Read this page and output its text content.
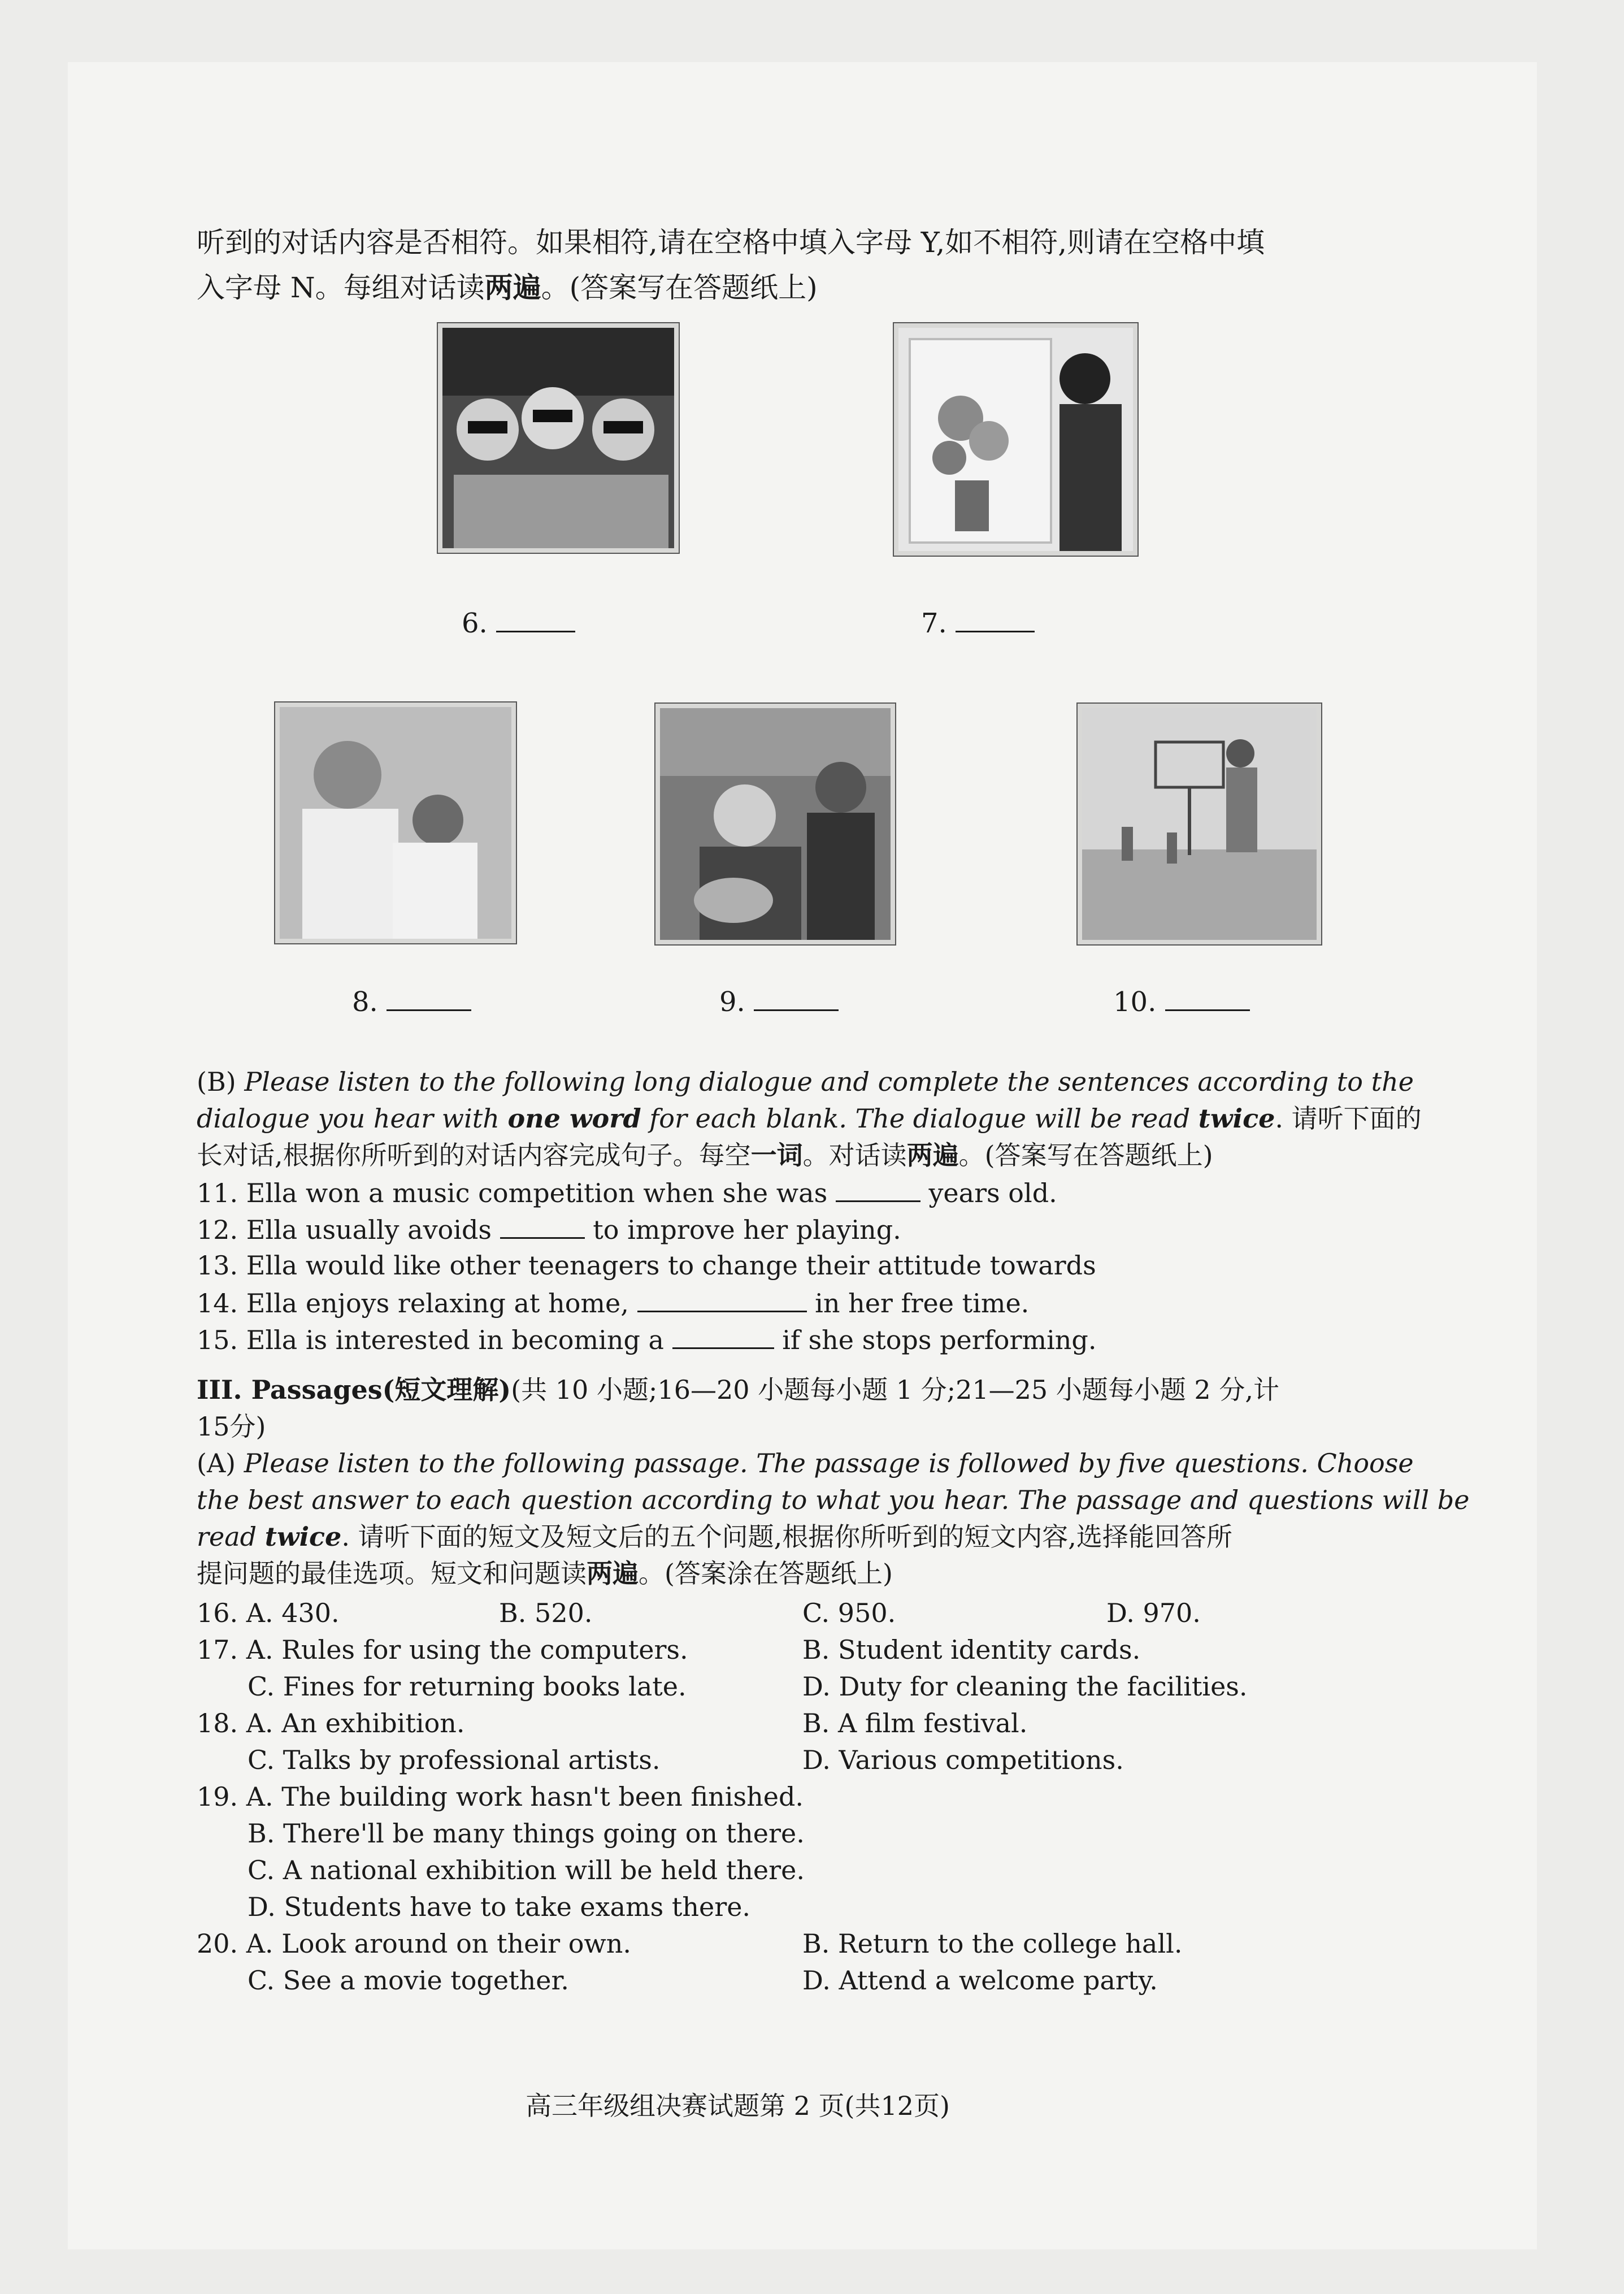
听到的对话内容是否相符。如果相符,请在空格中填入字母 Y,如不相符,则请在空格中填
入字母 N。每组对话读两遍。(答案写在答题纸上)
6.	7.
8.	9.	10.
(B) Please listen to the following long dialogue and complete the sentences according to the
dialogue you hear with one word for each blank. The dialogue will be read twice. 请听下面的
长对话,根据你所听到的对话内容完成句子。每空一词。对话读两遍。(答案写在答题纸上)
11. Ella won a music competition when she was	years old.
12. Ella usually avoids	to improve her playing.
13. Ella would like other teenagers to change their attitude towards
14. Ella enjoys relaxing at home,	in her free time.
15. Ella is interested in becoming a	if she stops performing.
III. Passages(短文理解)(共 10 小题;16—20 小题每小题 1 分;21—25 小题每小题 2 分,计
15分)
(A) Please listen to the following passage. The passage is followed by five questions. Choose
the best answer to each question according to what you hear. The passage and questions will be
read twice. 请听下面的短文及短文后的五个问题,根据你所听到的短文内容,选择能回答所
提问题的最佳选项。短文和问题读两遍。(答案涂在答题纸上)
16. A. 430.	B. 520.	C. 950.	D. 970.
17. A. Rules for using the computers.	B. Student identity cards.
C. Fines for returning books late.	D. Duty for cleaning the facilities.
18. A. An exhibition.	B. A film festival.
C. Talks by professional artists.	D. Various competitions.
19. A. The building work hasn't been finished.
B. There'll be many things going on there.
C. A national exhibition will be held there.
D. Students have to take exams there.
20. A. Look around on their own.	B. Return to the college hall.
C. See a movie together.	D. Attend a welcome party.
高三年级组决赛试题第 2 页(共12页)
